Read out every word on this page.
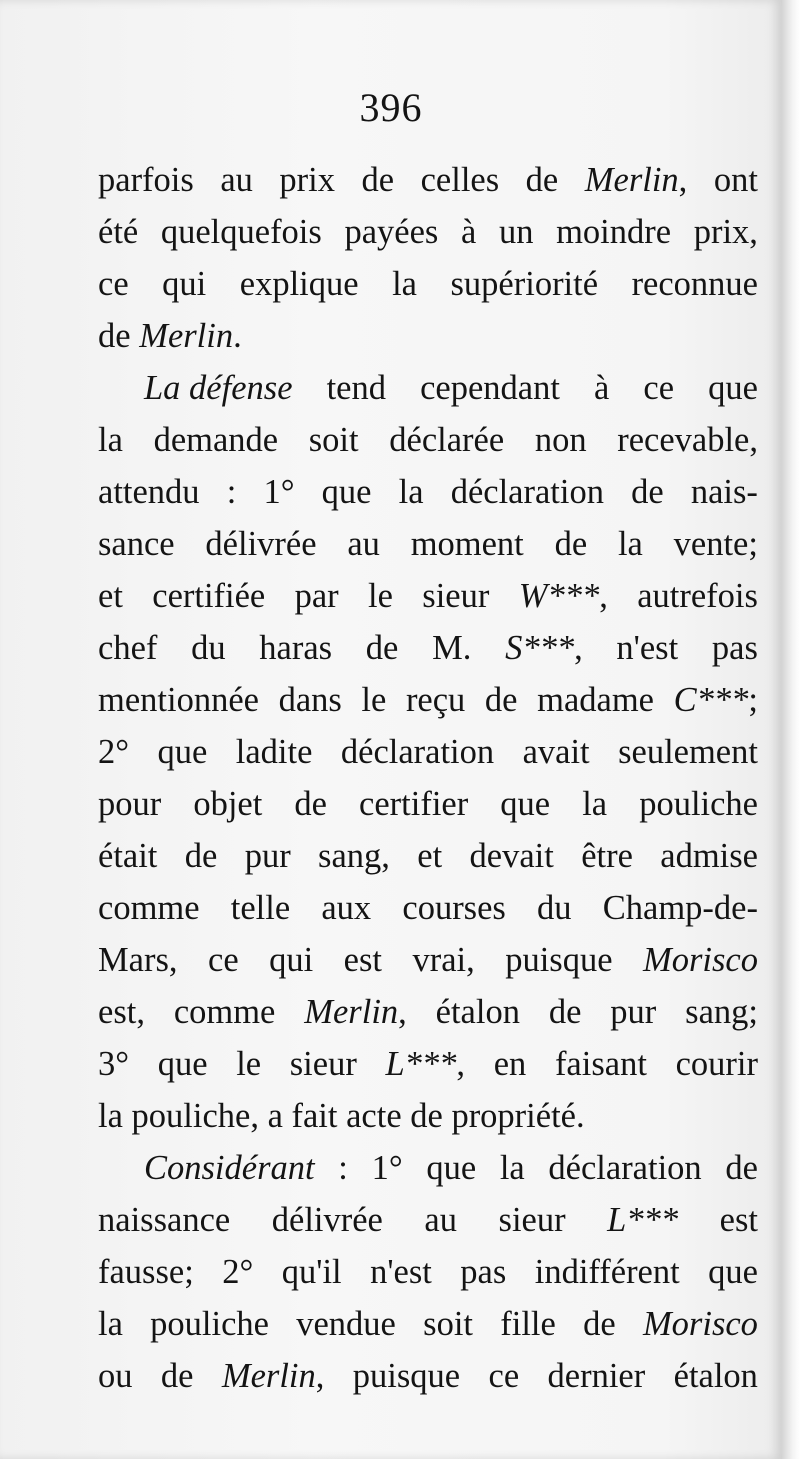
396
parfois au prix de celles de Merlin, ont
été quelquefois payées à un moindre prix,
ce qui explique la supériorité reconnue
de Merlin.
La défense tend cependant à ce que
la demande soit déclarée non recevable,
attendu : 1° que la déclaration de nais-
sance délivrée au moment de la vente;
et certifiée par le sieur W***, autrefois
chef du haras de M. S***, n'est pas
mentionnée dans le reçu de madame C***;
2° que ladite déclaration avait seulement
pour objet de certifier que la pouliche
était de pur sang, et devait être admise
comme telle aux courses du Champ-de-
Mars, ce qui est vrai, puisque Morisco
est, comme Merlin, étalon de pur sang;
3° que le sieur L***, en faisant courir
la pouliche, a fait acte de propriété.
Considérant : 1° que la déclaration de
naissance délivrée au sieur L*** est
fausse; 2° qu'il n'est pas indifférent que
la pouliche vendue soit fille de Morisco
ou de Merlin, puisque ce dernier étalon
